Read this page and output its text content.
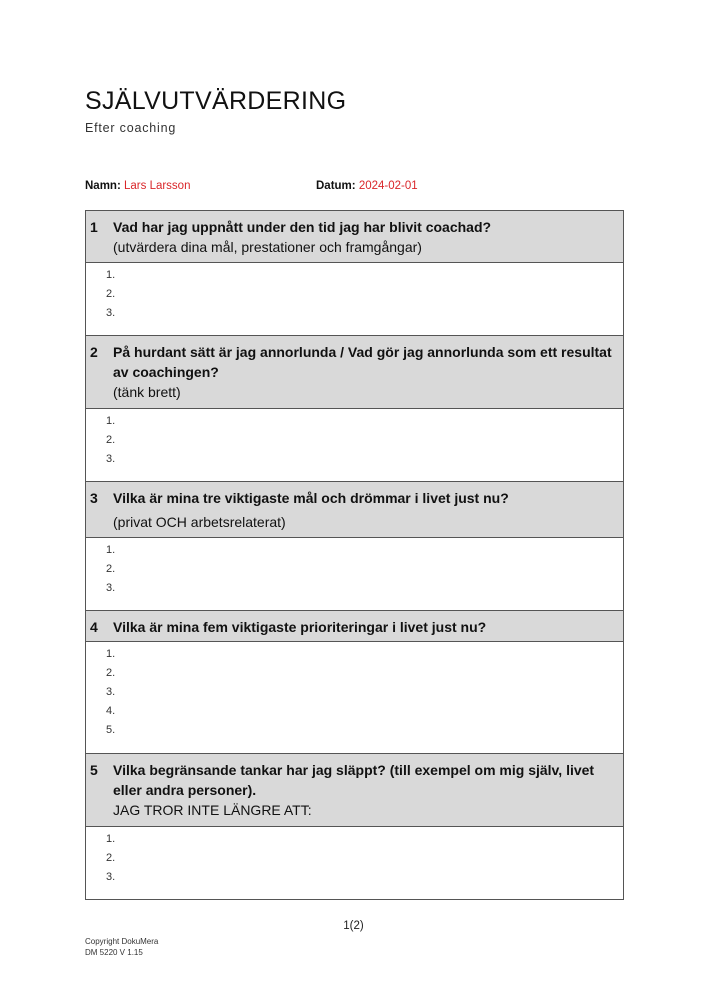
SJÄLVUTVÄRDERING
Efter coaching
Namn: Lars Larsson	Datum: 2024-02-01
1 Vad har jag uppnått under den tid jag har blivit coachad?
(utvärdera dina mål, prestationer och framgångar)
1.
2.
3.
2 På hurdant sätt är jag annorlunda / Vad gör jag annorlunda som ett resultat av coachingen?
(tänk brett)
1.
2.
3.
3 Vilka är mina tre viktigaste mål och drömmar i livet just nu?
(privat OCH arbetsrelaterat)
1.
2.
3.
4 Vilka är mina fem viktigaste prioriteringar i livet just nu?
1.
2.
3.
4.
5.
5 Vilka begränsande tankar har jag släppt? (till exempel om mig själv, livet eller andra personer).
JAG TROR INTE LÄNGRE ATT:
1.
2.
3.
1(2)
Copyright DokuMera
DM 5220 V 1.15
